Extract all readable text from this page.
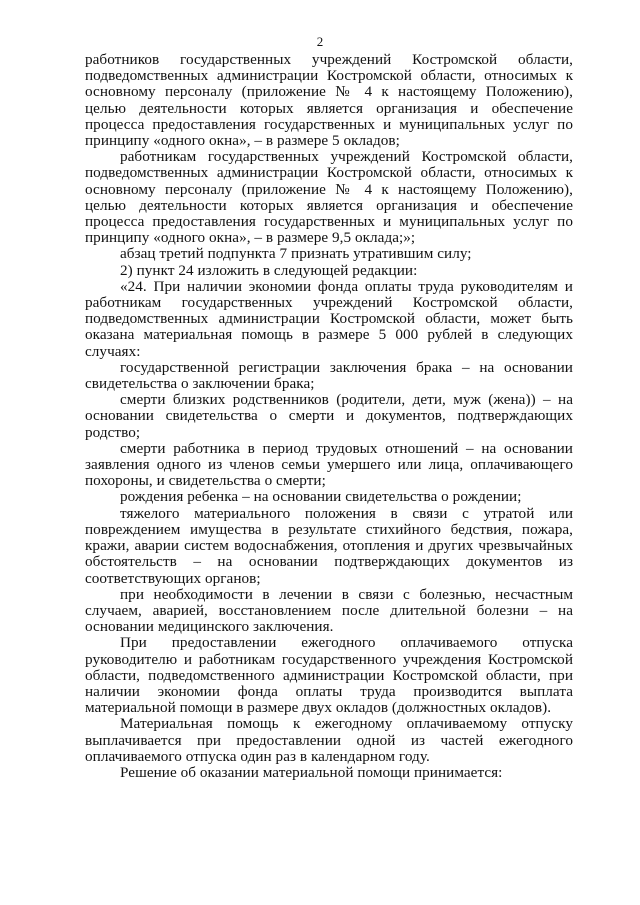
2

работников государственных учреждений Костромской области, подведомственных администрации Костромской области, относимых к основному персоналу (приложение № 4 к настоящему Положению), целью деятельности которых является организация и обеспечение процесса предоставления государственных и муниципальных услуг по принципу «одного окна», – в размере 5 окладов;

работникам государственных учреждений Костромской области, подведомственных администрации Костромской области, относимых к основному персоналу (приложение № 4 к настоящему Положению), целью деятельности которых является организация и обеспечение процесса предоставления государственных и муниципальных услуг по принципу «одного окна», – в размере 9,5 оклада;»;

абзац третий подпункта 7 признать утратившим силу;

2) пункт 24 изложить в следующей редакции:

«24. При наличии экономии фонда оплаты труда руководителям и работникам государственных учреждений Костромской области, подведомственных администрации Костромской области, может быть оказана материальная помощь в размере 5 000 рублей в следующих случаях:

государственной регистрации заключения брака – на основании свидетельства о заключении брака;

смерти близких родственников (родители, дети, муж (жена)) – на основании свидетельства о смерти и документов, подтверждающих родство;

смерти работника в период трудовых отношений – на основании заявления одного из членов семьи умершего или лица, оплачивающего похороны, и свидетельства о смерти;

рождения ребенка – на основании свидетельства о рождении;

тяжелого материального положения в связи с утратой или повреждением имущества в результате стихийного бедствия, пожара, кражи, аварии систем водоснабжения, отопления и других чрезвычайных обстоятельств – на основании подтверждающих документов из соответствующих органов;

при необходимости в лечении в связи с болезнью, несчастным случаем, аварией, восстановлением после длительной болезни – на основании медицинского заключения.

При предоставлении ежегодного оплачиваемого отпуска руководителю и работникам государственного учреждения Костромской области, подведомственного администрации Костромской области, при наличии экономии фонда оплаты труда производится выплата материальной помощи в размере двух окладов (должностных окладов).

Материальная помощь к ежегодному оплачиваемому отпуску выплачивается при предоставлении одной из частей ежегодного оплачиваемого отпуска один раз в календарном году.

Решение об оказании материальной помощи принимается:
